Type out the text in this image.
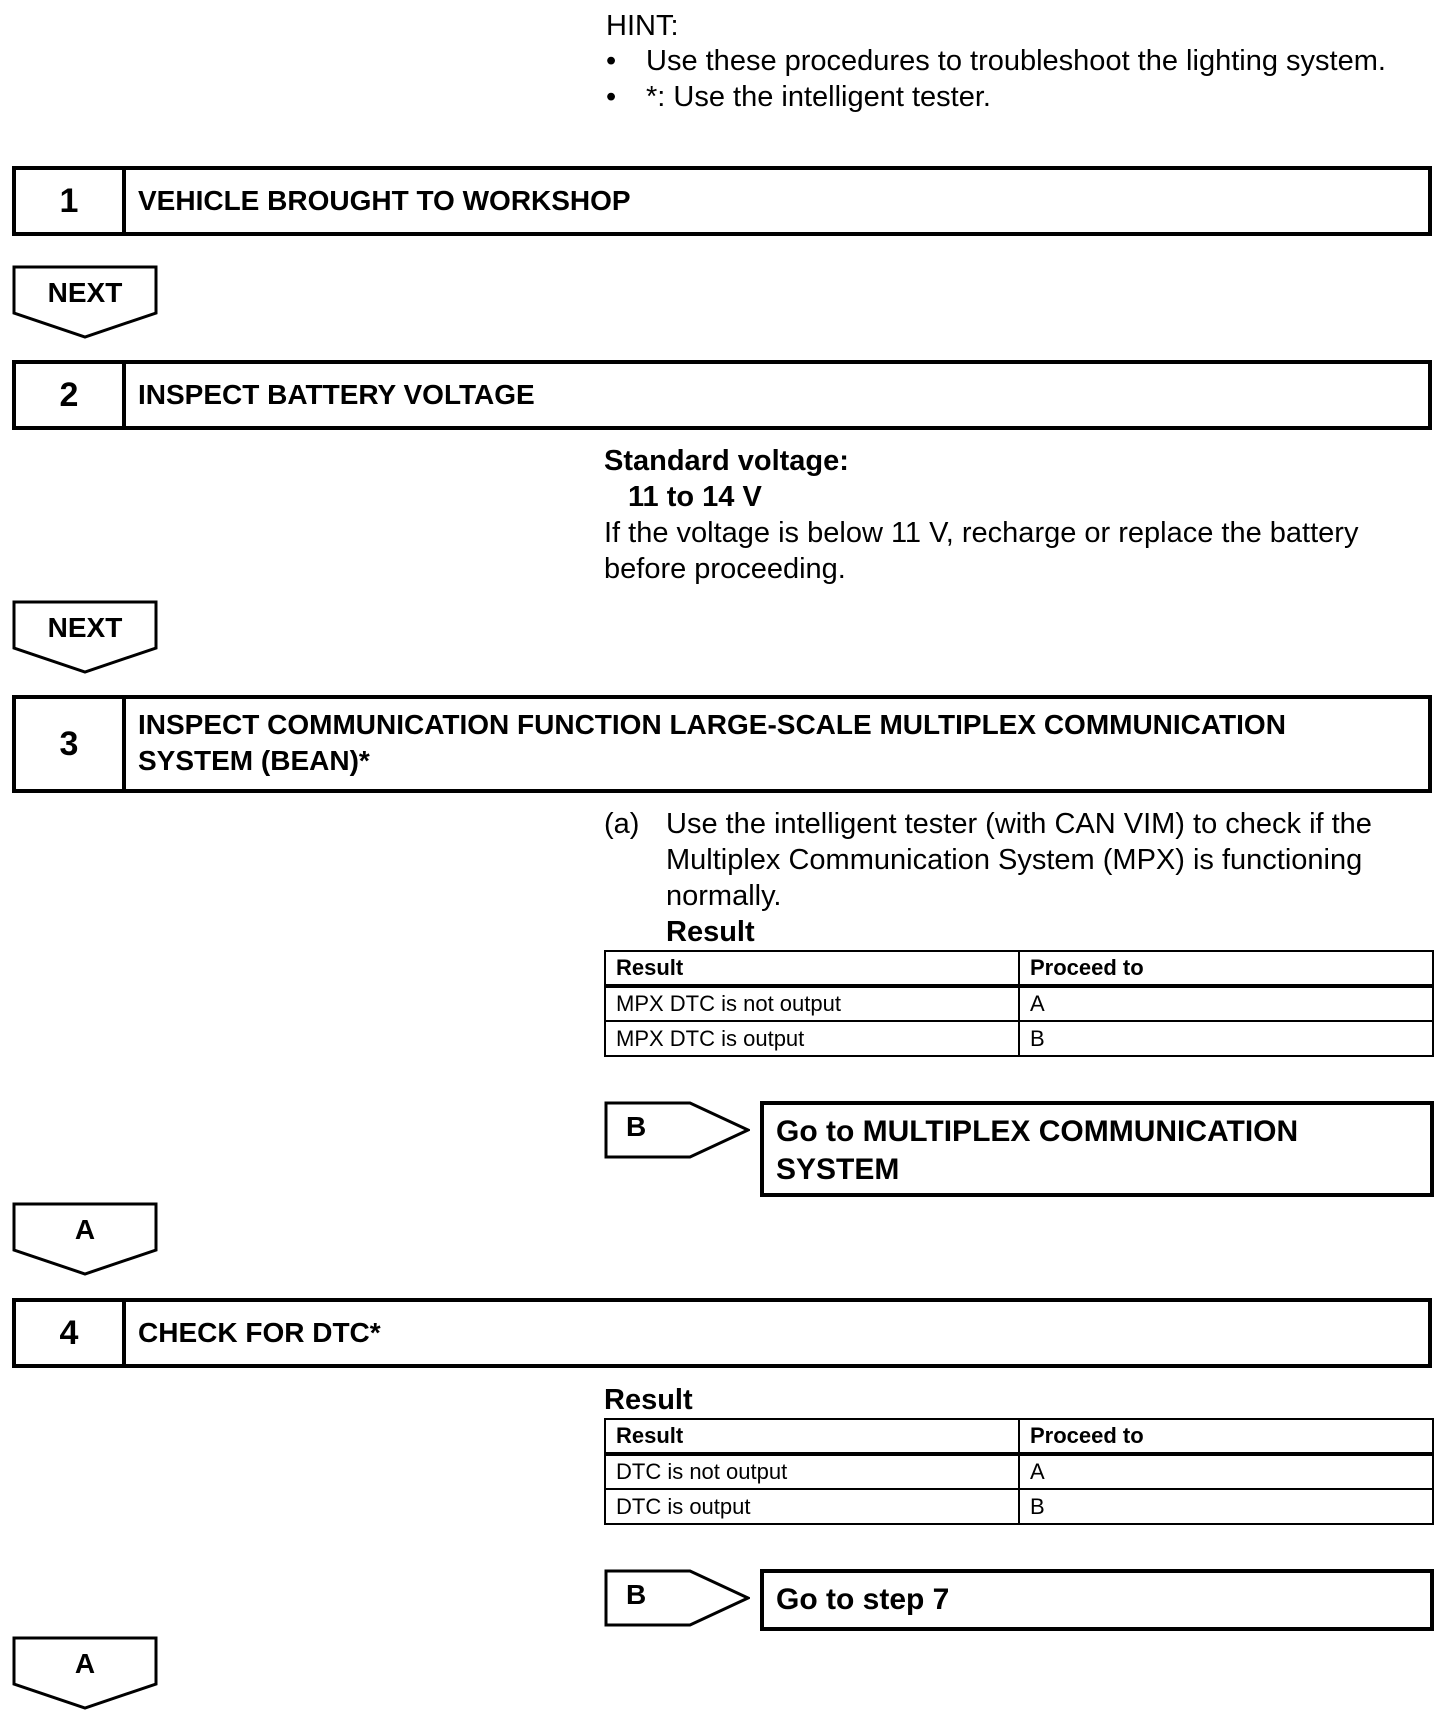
HINT:
• Use these procedures to troubleshoot the lighting system.
• *: Use the intelligent tester.
1	VEHICLE BROUGHT TO WORKSHOP
NEXT
2	INSPECT BATTERY VOLTAGE
Standard voltage:
11 to 14 V
If the voltage is below 11 V, recharge or replace the battery before proceeding.
NEXT
3	INSPECT COMMUNICATION FUNCTION LARGE-SCALE MULTIPLEX COMMUNICATION SYSTEM (BEAN)*
(a) Use the intelligent tester (with CAN VIM) to check if the Multiplex Communication System (MPX) is functioning normally.
Result
Result	Proceed to
MPX DTC is not output	A
MPX DTC is output	B
B	Go to MULTIPLEX COMMUNICATION SYSTEM
A
4	CHECK FOR DTC*
Result
Result	Proceed to
DTC is not output	A
DTC is output	B
B	Go to step 7
A
